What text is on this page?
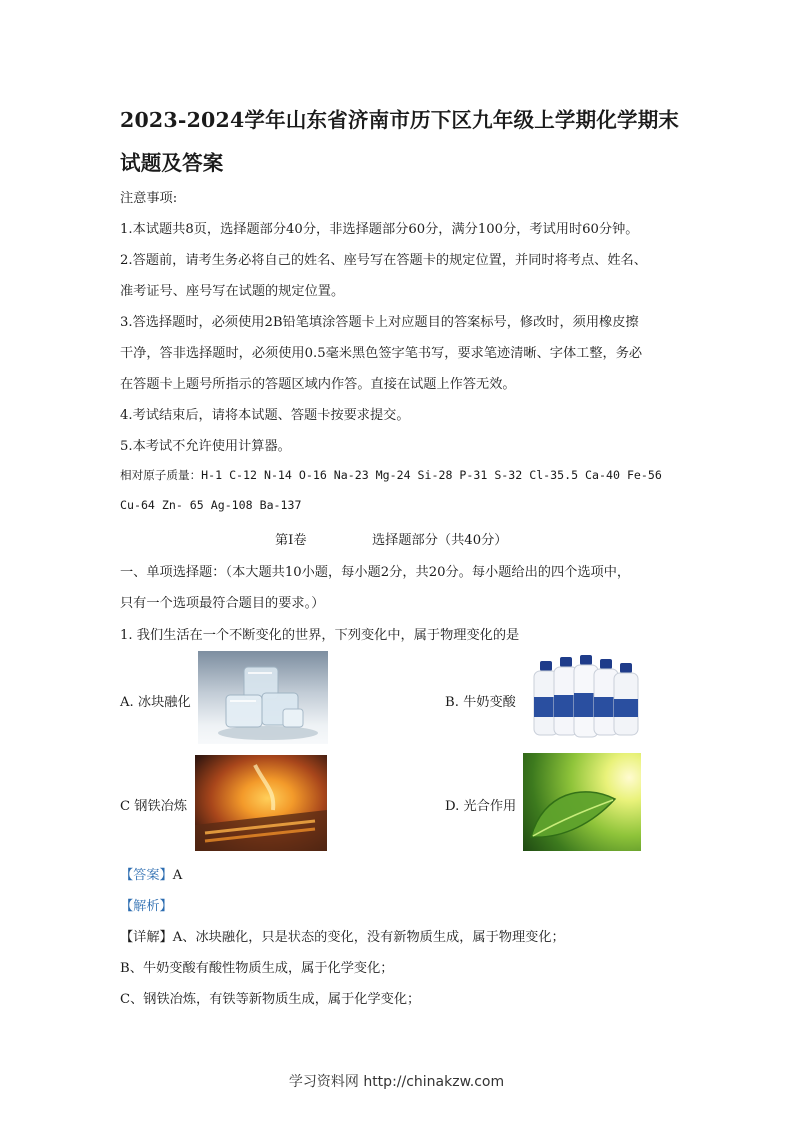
2023-2024学年山东省济南市历下区九年级上学期化学期末
试题及答案
注意事项:
1.本试题共8页，选择题部分40分，非选择题部分60分，满分100分，考试用时60分钟。
2.答题前，请考生务必将自己的姓名、座号写在答题卡的规定位置，并同时将考点、姓名、
准考证号、座号写在试题的规定位置。
3.答选择题时，必须使用2B铅笔填涂答题卡上对应题目的答案标号，修改时，须用橡皮擦
干净，答非选择题时，必须使用0.5毫米黑色签字笔书写，要求笔迹清晰、字体工整，务必
在答题卡上题号所指示的答题区域内作答。直接在试题上作答无效。
4.考试结束后，请将本试题、答题卡按要求提交。
5.本考试不允许使用计算器。
相对原子质量：H-1 C-12 N-14 O-16 Na-23 Mg-24 Si-28 P-31 S-32 Cl-35.5 Ca-40 Fe-56
Cu-64 Zn- 65 Ag-108 Ba-137
第Ⅰ卷	选择题部分（共40分）
一、单项选择题：（本大题共10小题，每小题2分，共20分。每小题给出的四个选项中，
只有一个选项最符合题目的要求。）
1. 我们生活在一个不断变化的世界，下列变化中，属于物理变化的是
A. 冰块融化	B. 牛奶变酸
C 钢铁冶炼	D. 光合作用
【答案】A
【解析】
【详解】A、冰块融化，只是状态的变化，没有新物质生成，属于物理变化；
B、牛奶变酸有酸性物质生成，属于化学变化；
C、钢铁冶炼，有铁等新物质生成，属于化学变化；
学习资料网 http://chinakzw.com
